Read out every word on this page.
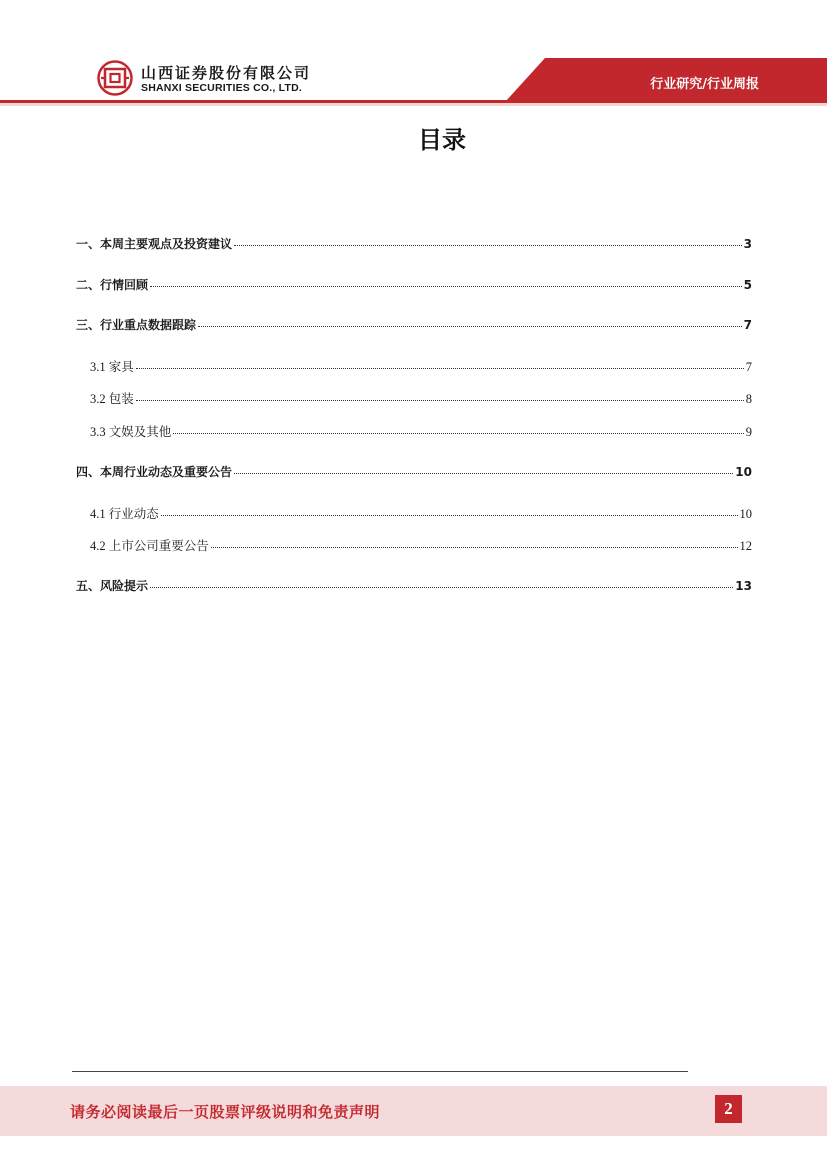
山西证券股份有限公司
SHANXI SECURITIES CO., LTD.	行业研究/行业周报
目录
一、本周主要观点及投资建议	3
二、行情回顾	5
三、行业重点数据跟踪	7
3.1 家具	7
3.2 包装	8
3.3 文娱及其他	9
四、本周行业动态及重要公告	10
4.1 行业动态	10
4.2 上市公司重要公告	12
五、风险提示	13
请务必阅读最后一页股票评级说明和免责声明	2
